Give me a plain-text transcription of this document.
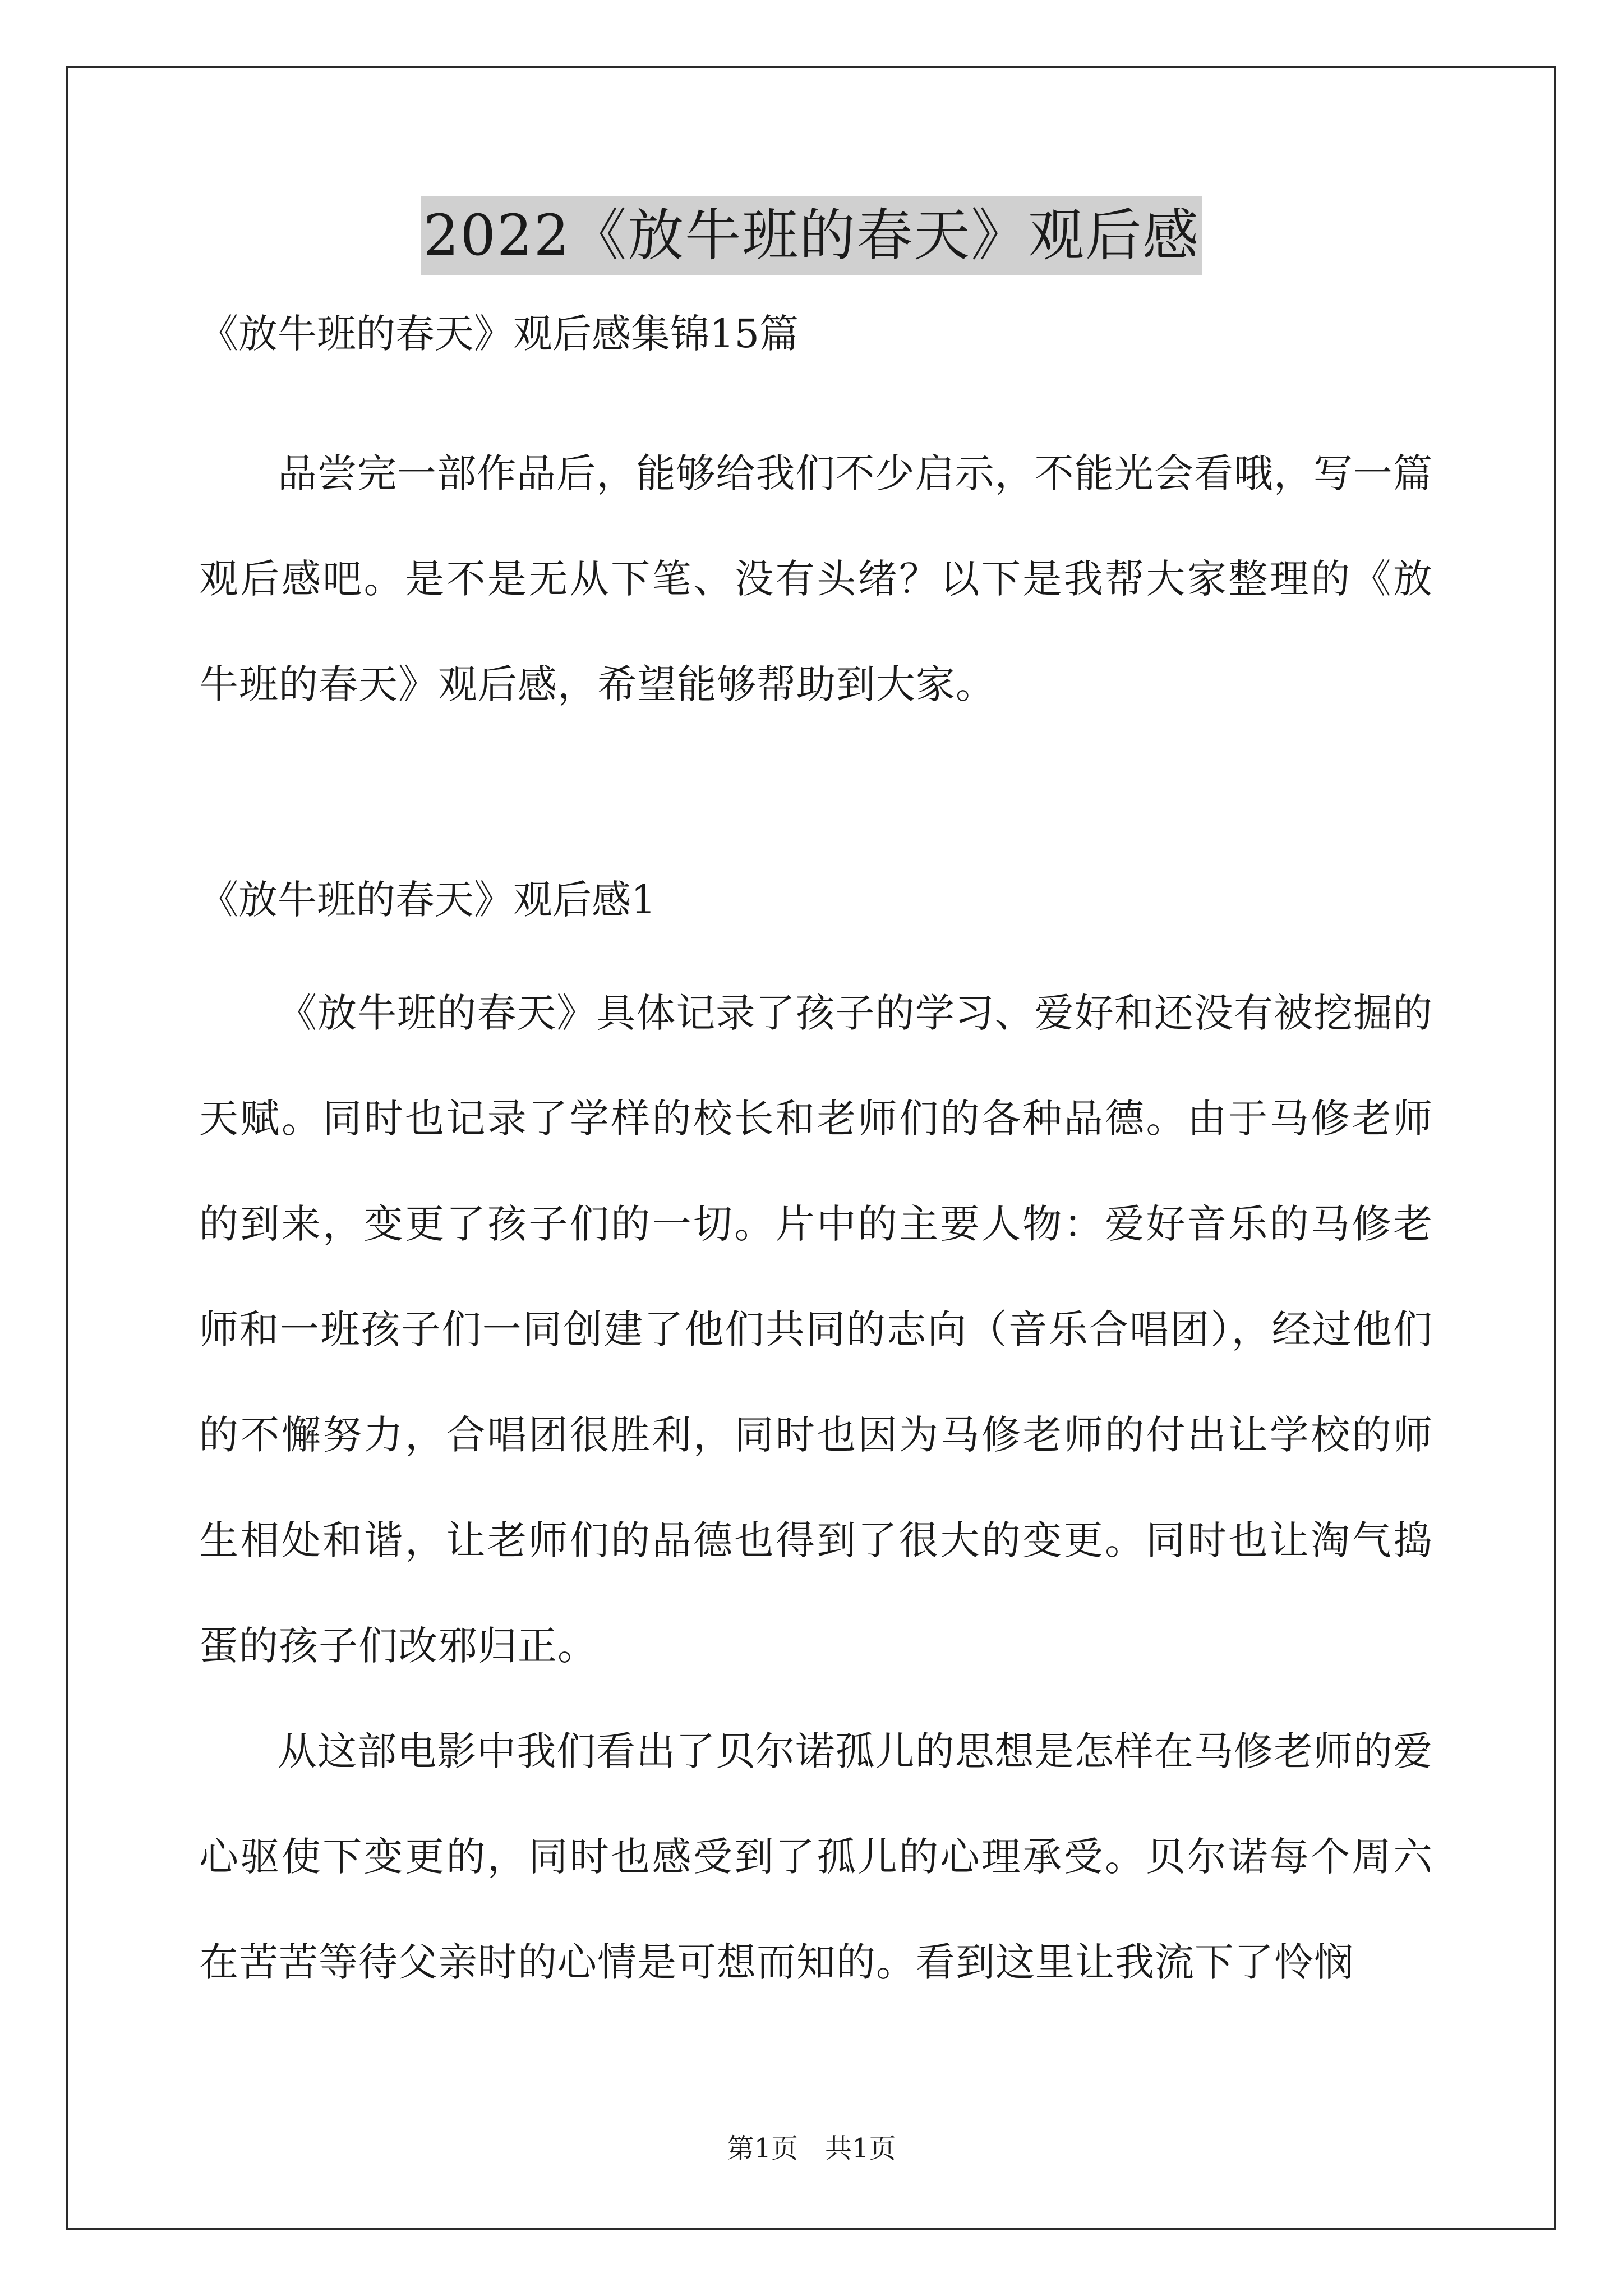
2022《放牛班的春天》观后感

《放牛班的春天》观后感集锦15篇

品尝完一部作品后，能够给我们不少启示，不能光会看哦，写一篇观后感吧。是不是无从下笔、没有头绪？以下是我帮大家整理的《放牛班的春天》观后感，希望能够帮助到大家。

《放牛班的春天》观后感1

《放牛班的春天》具体记录了孩子的学习、爱好和还没有被挖掘的天赋。同时也记录了学样的校长和老师们的各种品德。由于马修老师的到来，变更了孩子们的一切。片中的主要人物：爱好音乐的马修老师和一班孩子们一同创建了他们共同的志向（音乐合唱团），经过他们的不懈努力，合唱团很胜利，同时也因为马修老师的付出让学校的师生相处和谐，让老师们的品德也得到了很大的变更。同时也让淘气捣蛋的孩子们改邪归正。

从这部电影中我们看出了贝尔诺孤儿的思想是怎样在马修老师的爱心驱使下变更的，同时也感受到了孤儿的心理承受。贝尔诺每个周六在苦苦等待父亲时的心情是可想而知的。看到这里让我流下了怜悯

第1页　共1页
